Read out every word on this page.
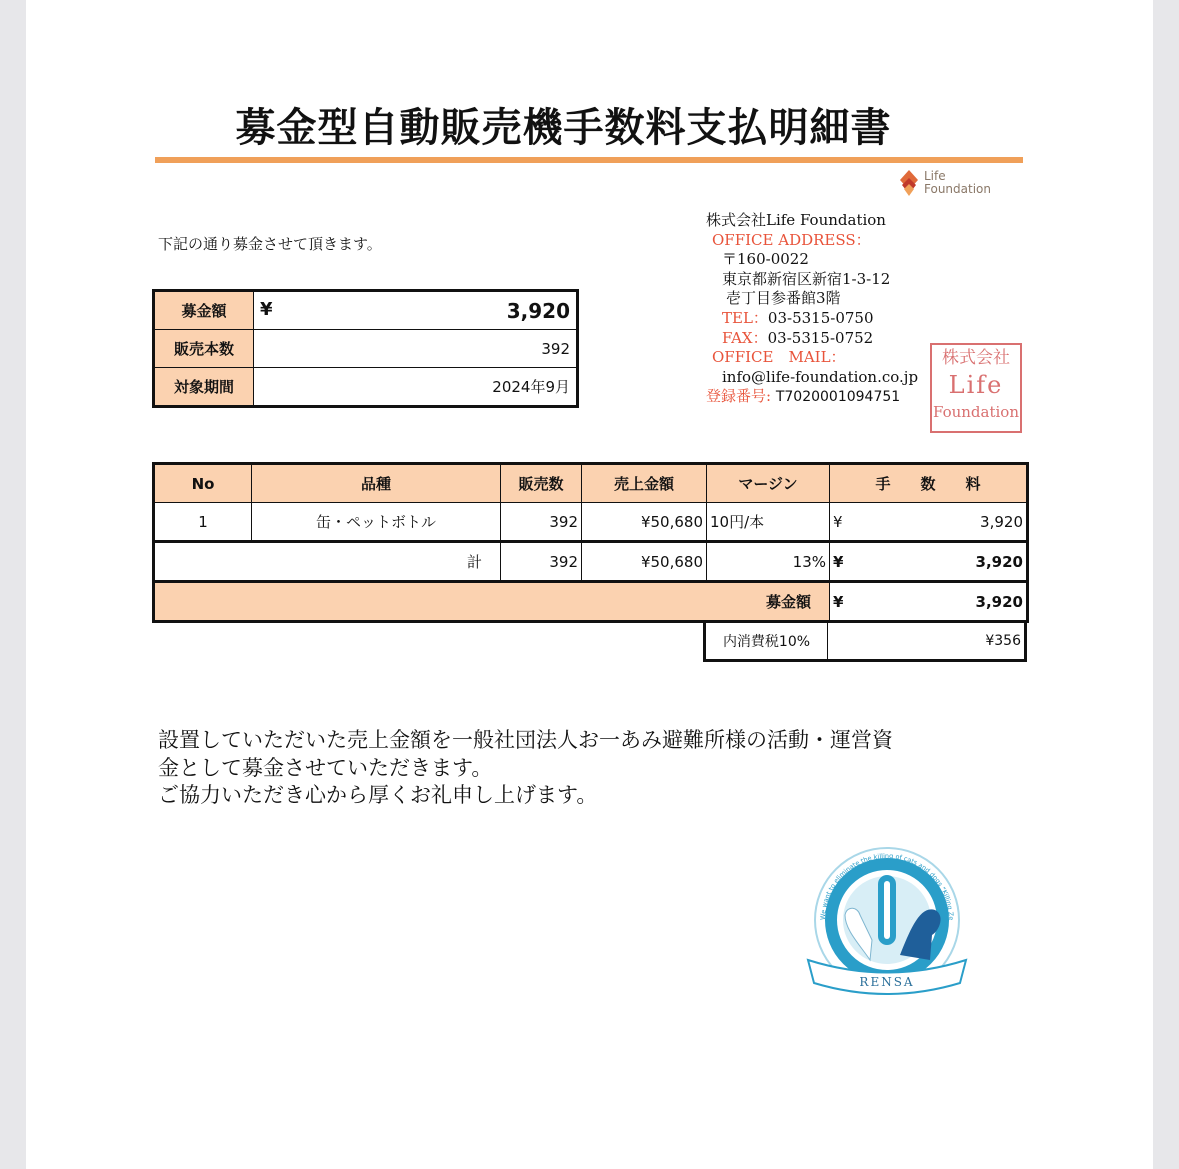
募金型自動販売機手数料支払明細書
下記の通り募金させて頂きます。
募金額	¥ 3,920
販売本数	392
対象期間	2024年9月
Life
Foundation
株式会社Life Foundation
OFFICE ADDRESS：
〒160-0022
東京都新宿区新宿1-3-12
壱丁目参番館3階
TEL：03-5315-0750
FAX：03-5315-0752
OFFICE　MAIL：
info@life-foundation.co.jp
登録番号: T7020001094751
株式会社
Life
Foundation
No	品種	販売数	売上金額	マージン	手　　数　　料
1	缶・ペットボトル	392	¥50,680	10円/本	¥ 3,920
計		392	¥50,680	13%	¥ 3,920
募金額					¥ 3,920
内消費税10%	¥356
設置していただいた売上金額を一般社団法人お一あみ避難所様の活動・運営資
金として募金させていただきます。
ご協力いただき心から厚くお礼申し上げます。
We want to eliminate the killing of cats and dogs "Killing Ze
RENSA
